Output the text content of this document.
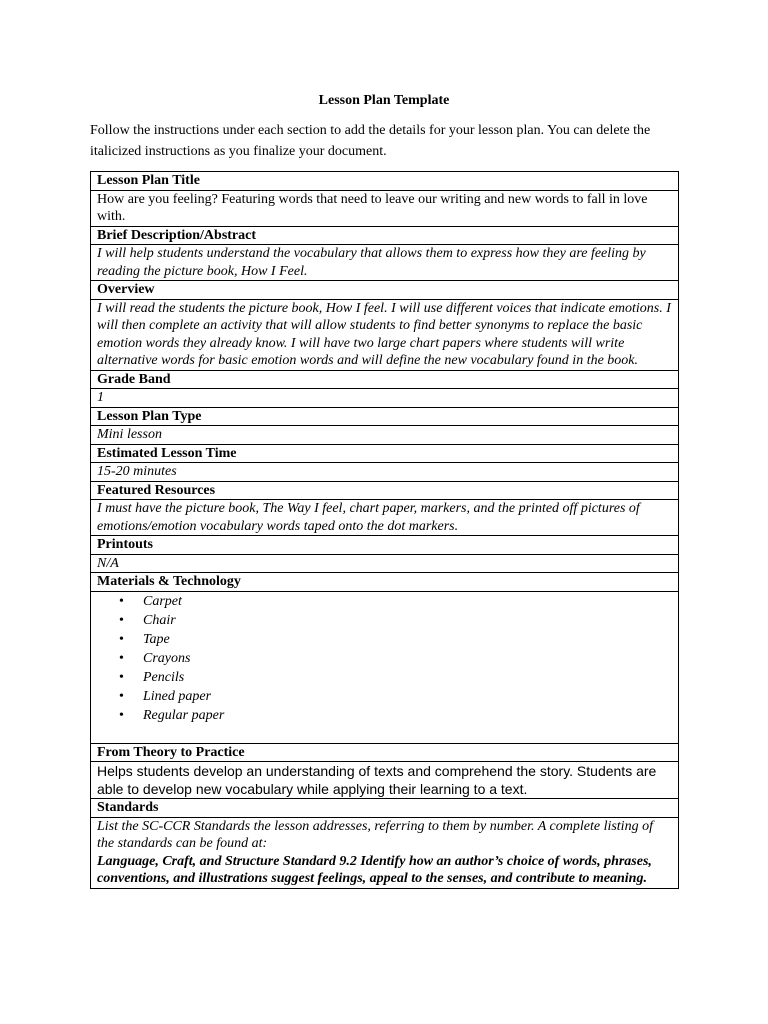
Lesson Plan Template
Follow the instructions under each section to add the details for your lesson plan. You can delete the italicized instructions as you finalize your document.
Lesson Plan Title
How are you feeling? Featuring words that need to leave our writing and new words to fall in love with.
Brief Description/Abstract
I will help students understand the vocabulary that allows them to express how they are feeling by reading the picture book, How I Feel.
Overview
I will read the students the picture book, How I feel. I will use different voices that indicate emotions. I will then complete an activity that will allow students to find better synonyms to replace the basic emotion words they already know. I will have two large chart papers where students will write alternative words for basic emotion words and will define the new vocabulary found in the book.
Grade Band
1
Lesson Plan Type
Mini lesson
Estimated Lesson Time
15-20 minutes
Featured Resources
I must have the picture book, The Way I feel, chart paper, markers, and the printed off pictures of emotions/emotion vocabulary words taped onto the dot markers.
Printouts
N/A
Materials & Technology

• Carpet
• Chair
• Tape
• Crayons
• Pencils
• Lined paper
• Regular paper

From Theory to Practice
Helps students develop an understanding of texts and comprehend the story. Students are able to develop new vocabulary while applying their learning to a text.
Standards
List the SC-CCR Standards the lesson addresses, referring to them by number. A complete listing of the standards can be found at:
Language, Craft, and Structure Standard 9.2 Identify how an author’s choice of words, phrases, conventions, and illustrations suggest feelings, appeal to the senses, and contribute to meaning.
